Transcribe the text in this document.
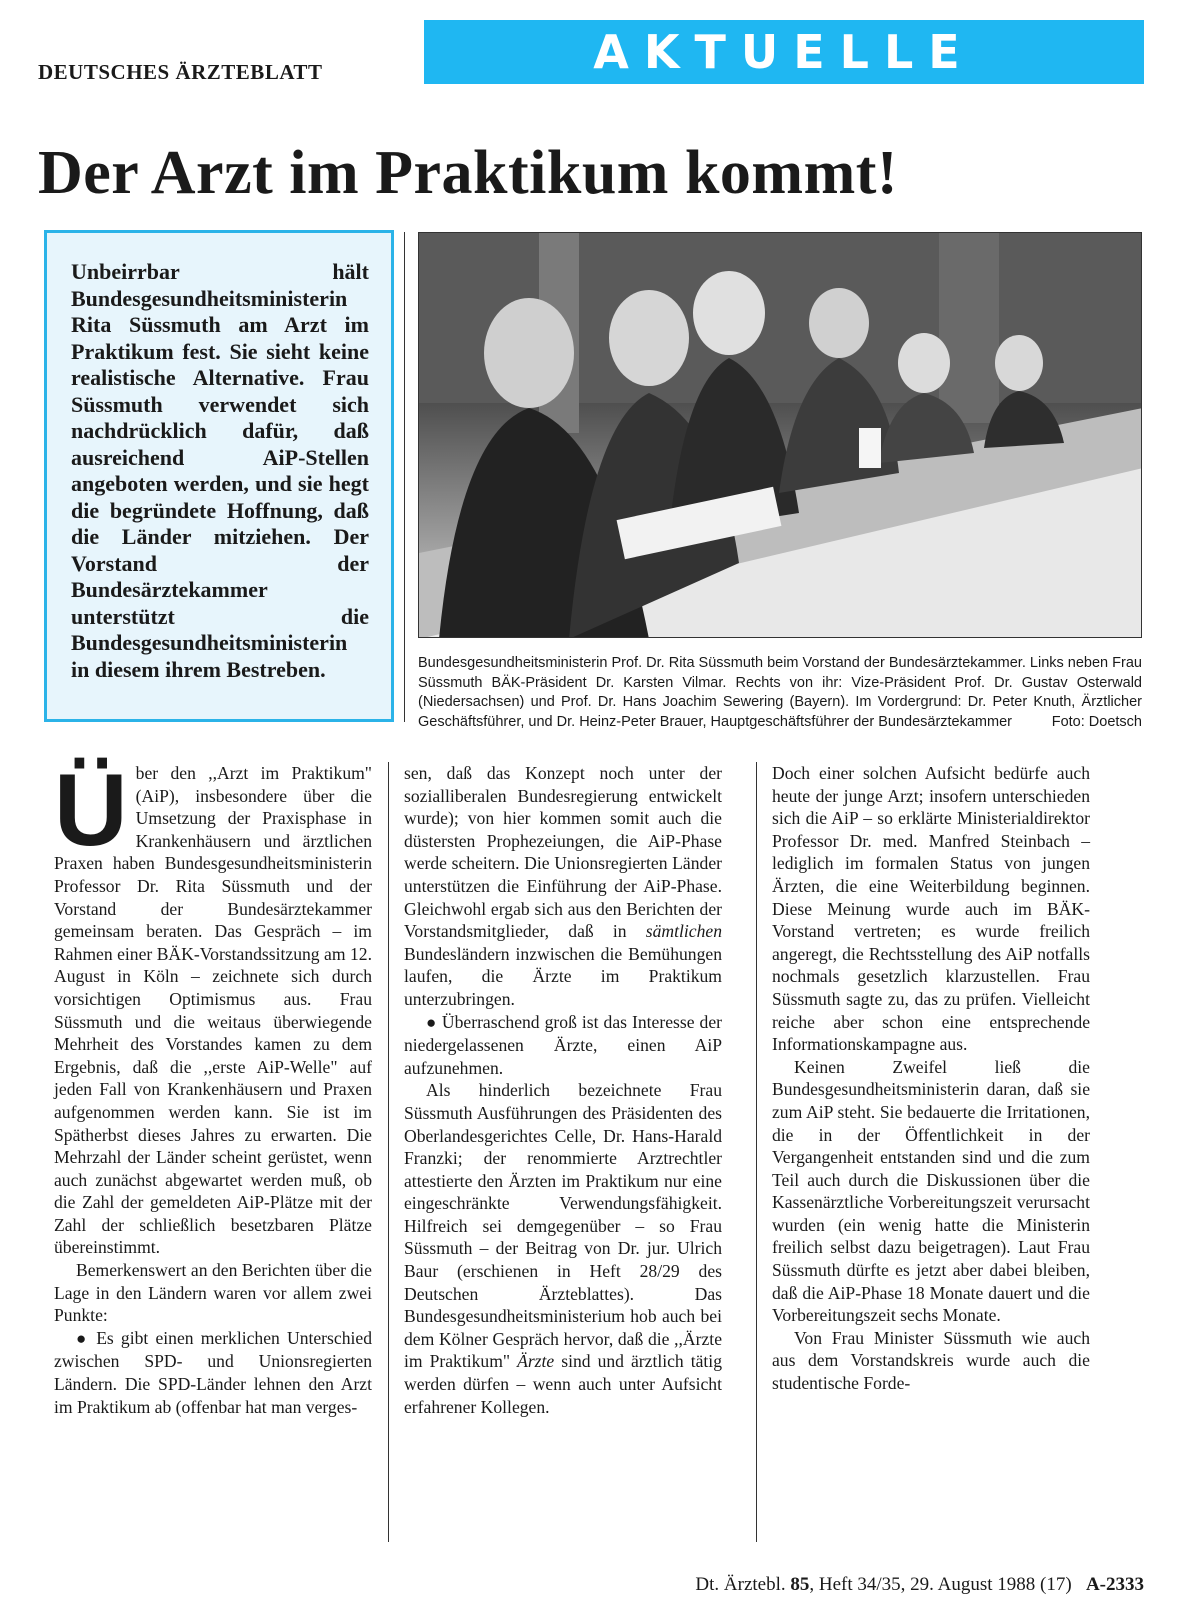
DEUTSCHES ÄRZTEBLATT	AKTUELLE POLITIK
Der Arzt im Praktikum kommt!

Unbeirrbar hält Bundesgesundheitsministerin Rita Süssmuth am Arzt im Praktikum fest. Sie sieht keine realistische Alternative. Frau Süssmuth verwendet sich nachdrücklich dafür, daß ausreichend AiP-Stellen angeboten werden, und sie hegt die begründete Hoffnung, daß die Länder mitziehen. Der Vorstand der Bundesärztekammer unterstützt die Bundesgesundheitsministerin in diesem ihrem Bestreben.	Bundesgesundheitsministerin Prof. Dr. Rita Süssmuth beim Vorstand der Bundesärztekammer. Links neben Frau Süssmuth BÄK-Präsident Dr. Karsten Vilmar. Rechts von ihr: Vize-Präsident Prof. Dr. Gustav Osterwald (Niedersachsen) und Prof. Dr. Hans Joachim Sewering (Bayern). Im Vordergrund: Dr. Peter Knuth, Ärztlicher Geschäftsführer, und Dr. Heinz-Peter Brauer, Hauptgeschäftsführer der Bundesärztekammer	Foto: Doetsch

Über den ,,Arzt im Praktikum" (AiP), insbesondere über die Umsetzung der Praxisphase in Krankenhäusern und ärztlichen Praxen haben Bundesgesundheitsministerin Professor Dr. Rita Süssmuth und der Vorstand der Bundesärztekammer gemeinsam beraten. Das Gespräch – im Rahmen einer BÄK-Vorstandssitzung am 12. August in Köln – zeichnete sich durch vorsichtigen Optimismus aus. Frau Süssmuth und die weitaus überwiegende Mehrheit des Vorstandes kamen zu dem Ergebnis, daß die ,,erste AiP-Welle" auf jeden Fall von Krankenhäusern und Praxen aufgenommen werden kann. Sie ist im Spätherbst dieses Jahres zu erwarten. Die Mehrzahl der Länder scheint gerüstet, wenn auch zunächst abgewartet werden muß, ob die Zahl der gemeldeten AiP-Plätze mit der Zahl der schließlich besetzbaren Plätze übereinstimmt.

Bemerkenswert an den Berichten über die Lage in den Ländern waren vor allem zwei Punkte:

● Es gibt einen merklichen Unterschied zwischen SPD- und Unionsregierten Ländern. Die SPD-Länder lehnen den Arzt im Praktikum ab (offenbar hat man verges-

sen, daß das Konzept noch unter der sozialliberalen Bundesregierung entwickelt wurde); von hier kommen somit auch die düstersten Prophezeiungen, die AiP-Phase werde scheitern. Die Unionsregierten Länder unterstützen die Einführung der AiP-Phase. Gleichwohl ergab sich aus den Berichten der Vorstandsmitglieder, daß in sämtlichen Bundesländern inzwischen die Bemühungen laufen, die Ärzte im Praktikum unterzubringen.

● Überraschend groß ist das Interesse der niedergelassenen Ärzte, einen AiP aufzunehmen.

Als hinderlich bezeichnete Frau Süssmuth Ausführungen des Präsidenten des Oberlandesgerichtes Celle, Dr. Hans-Harald Franzki; der renommierte Arztrechtler attestierte den Ärzten im Praktikum nur eine eingeschränkte Verwendungsfähigkeit. Hilfreich sei demgegenüber – so Frau Süssmuth – der Beitrag von Dr. jur. Ulrich Baur (erschienen in Heft 28/29 des Deutschen Ärzteblattes). Das Bundesgesundheitsministerium hob auch bei dem Kölner Gespräch hervor, daß die ,,Ärzte im Praktikum" Ärzte sind und ärztlich tätig werden dürfen – wenn auch unter Aufsicht erfahrener Kollegen.

Doch einer solchen Aufsicht bedürfe auch heute der junge Arzt; insofern unterschieden sich die AiP – so erklärte Ministerialdirektor Professor Dr. med. Manfred Steinbach – lediglich im formalen Status von jungen Ärzten, die eine Weiterbildung beginnen. Diese Meinung wurde auch im BÄK-Vorstand vertreten; es wurde freilich angeregt, die Rechtsstellung des AiP notfalls nochmals gesetzlich klarzustellen. Frau Süssmuth sagte zu, das zu prüfen. Vielleicht reiche aber schon eine entsprechende Informationskampagne aus.

Keinen Zweifel ließ die Bundesgesundheitsministerin daran, daß sie zum AiP steht. Sie bedauerte die Irritationen, die in der Öffentlichkeit in der Vergangenheit entstanden sind und die zum Teil auch durch die Diskussionen über die Kassenärztliche Vorbereitungszeit verursacht wurden (ein wenig hatte die Ministerin freilich selbst dazu beigetragen). Laut Frau Süssmuth dürfte es jetzt aber dabei bleiben, daß die AiP-Phase 18 Monate dauert und die Vorbereitungszeit sechs Monate.

Von Frau Minister Süssmuth wie auch aus dem Vorstandskreis wurde auch die studentische Forde-

Dt. Ärztebl. 85, Heft 34/35, 29. August 1988 (17) A-2333
